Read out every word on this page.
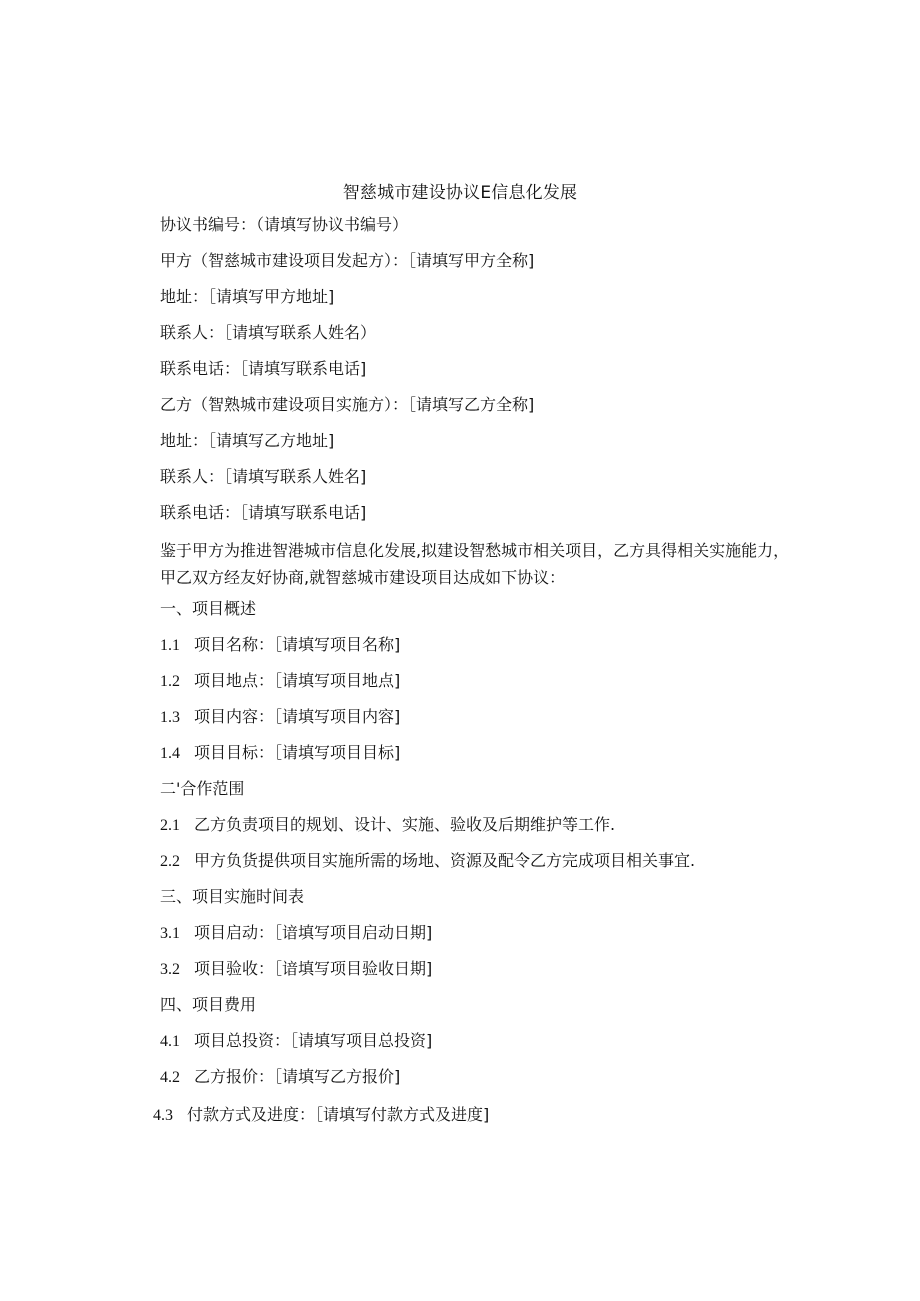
智慈城市建设协议E信息化发展
协议书编号：（请填写协议书编号）
甲方（智慈城市建设项目发起方）：［请填写甲方全称]
地址：［请填写甲方地址]
联系人：［请填写联系人姓名）
联系电话：［请填写联系电话]
乙方（智熟城市建设项目实施方）：［请填写乙方全称]
地址：［请填写乙方地址]
联系人：［请填写联系人姓名]
联系电话：［请填写联系电话]
鉴于甲方为推进智港城市信息化发展,拟建设智愁城市相关项目，乙方具得相关实施能力，甲乙双方经友好协商,就智慈城市建设项目达成如下协议：
一、项目概述
1.1 项目名称：［请填写项目名称]
1.2 项目地点：［请填写项目地点]
1.3 项目内容：［请填写项目内容]
1.4 项目目标：［请填写项目目标]
二'合作范围
2.1 乙方负责项目的规划、设计、实施、验收及后期维护等工作.
2.2 甲方负货提供项目实施所需的场地、资源及配令乙方完成项目相关事宜.
三、项目实施时间表
3.1 项目启动：［谙填写项目启动日期]
3.2 项目验收：［谙填写项目验收日期]
四、项目费用
4.1 项目总投资：［请填写项目总投资]
4.2 乙方报价：［请填写乙方报价]
4.3 付款方式及进度：［请填写付款方式及进度]
